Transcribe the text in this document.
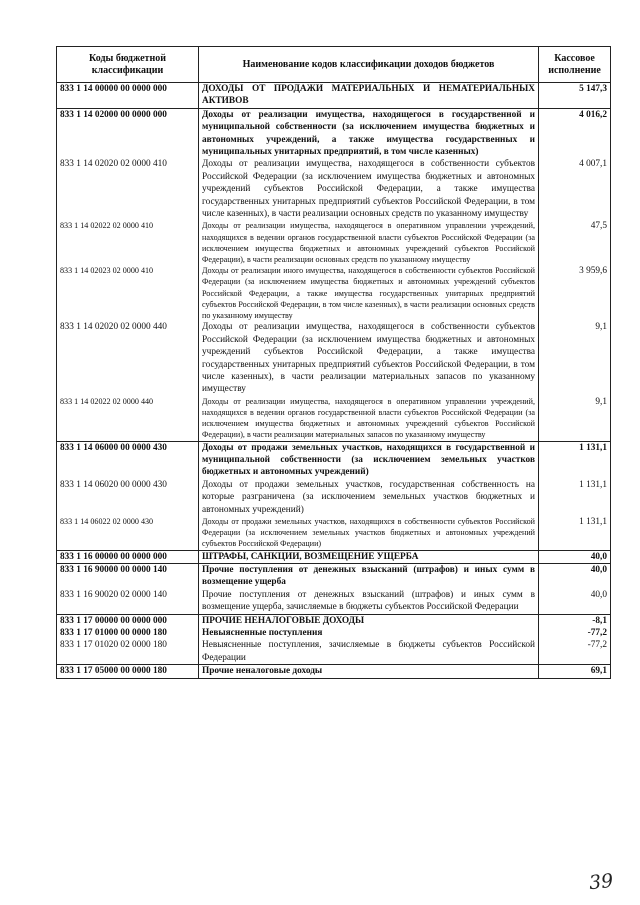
Коды бюджетной классификации	Наименование кодов классификации доходов бюджетов	Кассовое исполнение
833 1 14 00000 00 0000 000	ДОХОДЫ ОТ ПРОДАЖИ МАТЕРИАЛЬНЫХ И НЕМАТЕРИАЛЬНЫХ АКТИВОВ	5 147,3
833 1 14 02000 00 0000 000	Доходы от реализации имущества, находящегося в государственной и муниципальной собственности (за исключением имущества бюджетных и автономных учреждений, а также имущества государственных и муниципальных унитарных предприятий, в том числе казенных)	4 016,2
833 1 14 02020 02 0000 410	Доходы от реализации имущества, находящегося в собственности субъектов Российской Федерации (за исключением имущества бюджетных и автономных учреждений субъектов Российской Федерации, а также имущества государственных унитарных предприятий субъектов Российской Федерации, в том числе казенных), в части реализации основных средств по указанному имуществу	4 007,1
833 1 14 02022 02 0000 410	Доходы от реализации имущества, находящегося в оперативном управлении учреждений, находящихся в ведении органов государственной власти субъектов Российской Федерации (за исключением имущества бюджетных и автономных учреждений субъектов Российской Федерации), в части реализации основных средств по указанному имуществу	47,5
833 1 14 02023 02 0000 410	Доходы от реализации иного имущества, находящегося в собственности субъектов Российской Федерации (за исключением имущества бюджетных и автономных учреждений субъектов Российской Федерации, а также имущества государственных унитарных предприятий субъектов Российской Федерации, в том числе казенных), в части реализации основных средств по указанному имуществу	3 959,6
833 1 14 02020 02 0000 440	Доходы от реализации имущества, находящегося в собственности субъектов Российской Федерации (за исключением имущества бюджетных и автономных учреждений субъектов Российской Федерации, а также имущества государственных унитарных предприятий субъектов Российской Федерации, в том числе казенных), в части реализации материальных запасов по указанному имуществу	9,1
833 1 14 02022 02 0000 440	Доходы от реализации имущества, находящегося в оперативном управлении учреждений, находящихся в ведении органов государственной власти субъектов Российской Федерации (за исключением имущества бюджетных и автономных учреждений субъектов Российской Федерации), в части реализации материальных запасов по указанному имуществу	9,1
833 1 14 06000 00 0000 430	Доходы от продажи земельных участков, находящихся в государственной и муниципальной собственности (за исключением земельных участков бюджетных и автономных учреждений)	1 131,1
833 1 14 06020 00 0000 430	Доходы от продажи земельных участков, государственная собственность на которые разграничена (за исключением земельных участков бюджетных и автономных учреждений)	1 131,1
833 1 14 06022 02 0000 430	Доходы от продажи земельных участков, находящихся в собственности субъектов Российской Федерации (за исключением земельных участков бюджетных и автономных учреждений субъектов Российской Федерации)	1 131,1
833 1 16 00000 00 0000 000	ШТРАФЫ, САНКЦИИ, ВОЗМЕЩЕНИЕ УЩЕРБА	40,0
833 1 16 90000 00 0000 140	Прочие поступления от денежных взысканий (штрафов) и иных сумм в возмещение ущерба	40,0
833 1 16 90020 02 0000 140	Прочие поступления от денежных взысканий (штрафов) и иных сумм в возмещение ущерба, зачисляемые в бюджеты субъектов Российской Федерации	40,0
833 1 17 00000 00 0000 000	ПРОЧИЕ НЕНАЛОГОВЫЕ ДОХОДЫ	-8,1
833 1 17 01000 00 0000 180	Невыясненные поступления	-77,2
833 1 17 01020 02 0000 180	Невыясненные поступления, зачисляемые в бюджеты субъектов Российской Федерации	-77,2
833 1 17 05000 00 0000 180	Прочие неналоговые доходы	69,1
39
